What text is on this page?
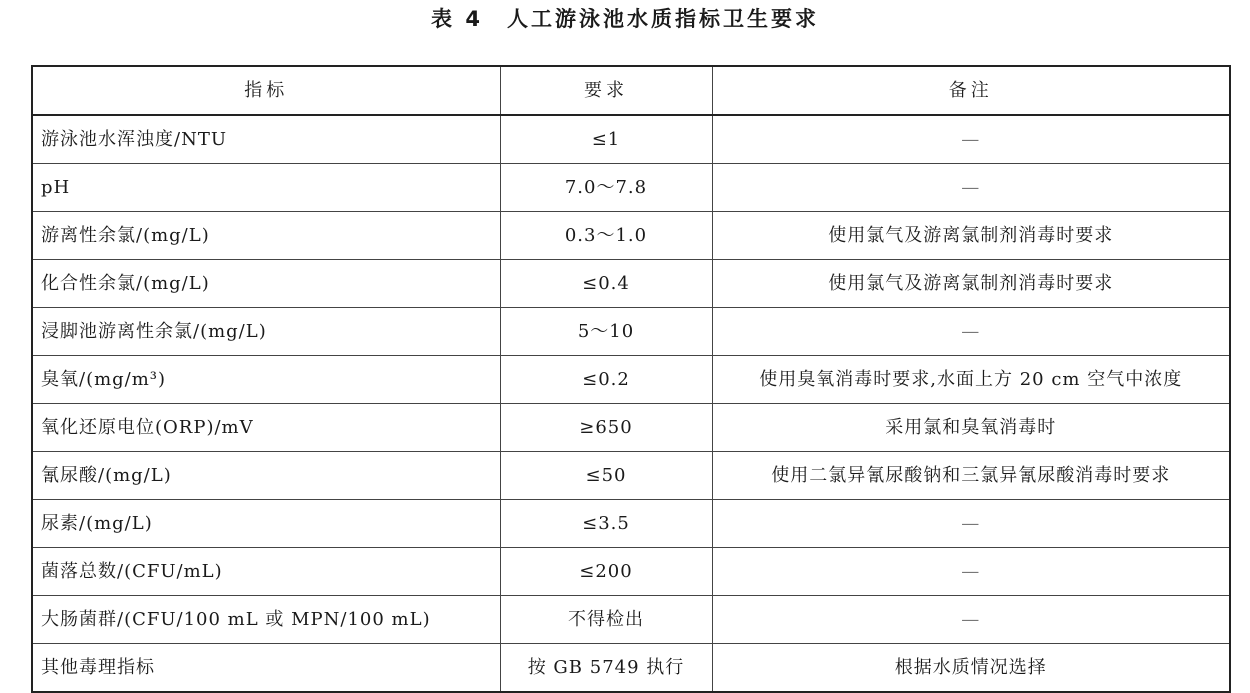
表 4　人工游泳池水质指标卫生要求
指标	要求	备注
游泳池水浑浊度/NTU	≤1	—
pH	7.0～7.8	—
游离性余氯/(mg/L)	0.3～1.0	使用氯气及游离氯制剂消毒时要求
化合性余氯/(mg/L)	≤0.4	使用氯气及游离氯制剂消毒时要求
浸脚池游离性余氯/(mg/L)	5～10	—
臭氧/(mg/m³)	≤0.2	使用臭氧消毒时要求,水面上方 20 cm 空气中浓度
氧化还原电位(ORP)/mV	≥650	采用氯和臭氧消毒时
氰尿酸/(mg/L)	≤50	使用二氯异氰尿酸钠和三氯异氰尿酸消毒时要求
尿素/(mg/L)	≤3.5	—
菌落总数/(CFU/mL)	≤200	—
大肠菌群/(CFU/100 mL 或 MPN/100 mL)	不得检出	—
其他毒理指标	按 GB 5749 执行	根据水质情况选择
